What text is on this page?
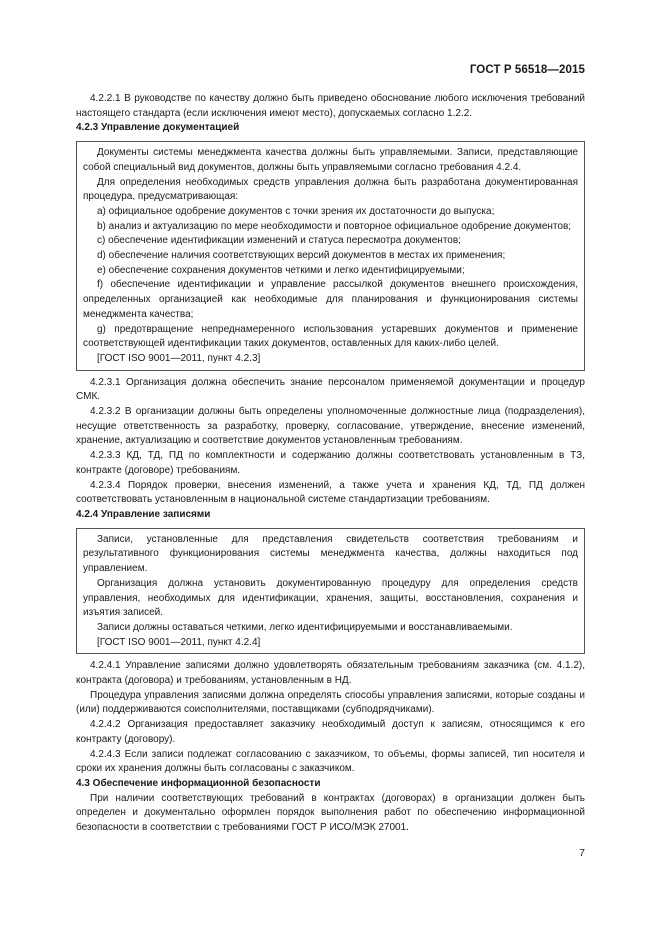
ГОСТ Р 56518—2015

4.2.2.1 В руководстве по качеству должно быть приведено обоснование любого исключения требований настоящего стандарта (если исключения имеют место), допускаемых согласно 1.2.2.

4.2.3 Управление документацией

Документы системы менеджмента качества должны быть управляемыми. Записи, представляющие собой специальный вид документов, должны быть управляемыми согласно требования 4.2.4.

Для определения необходимых средств управления должна быть разработана документированная процедура, предусматривающая:

a) официальное одобрение документов с точки зрения их достаточности до выпуска;

b) анализ и актуализацию по мере необходимости и повторное официальное одобрение документов;

c) обеспечение идентификации изменений и статуса пересмотра документов;

d) обеспечение наличия соответствующих версий документов в местах их применения;

e) обеспечение сохранения документов четкими и легко идентифицируемыми;

f) обеспечение идентификации и управление рассылкой документов внешнего происхождения, определенных организацией как необходимые для планирования и функционирования системы менеджмента качества;

g) предотвращение непреднамеренного использования устаревших документов и применение соответствующей идентификации таких документов, оставленных для каких-либо целей.

[ГОСТ ISO 9001—2011, пункт 4.2.3]

4.2.3.1 Организация должна обеспечить знание персоналом применяемой документации и процедур СМК.

4.2.3.2 В организации должны быть определены уполномоченные должностные лица (подразделения), несущие ответственность за разработку, проверку, согласование, утверждение, внесение изменений, хранение, актуализацию и соответствие документов установленным требованиям.

4.2.3.3 КД, ТД, ПД по комплектности и содержанию должны соответствовать установленным в ТЗ, контракте (договоре) требованиям.

4.2.3.4 Порядок проверки, внесения изменений, а также учета и хранения КД, ТД, ПД должен соответствовать установленным в национальной системе стандартизации требованиям.

4.2.4 Управление записями

Записи, установленные для представления свидетельств соответствия требованиям и результативного функционирования системы менеджмента качества, должны находиться под управлением.

Организация должна установить документированную процедуру для определения средств управления, необходимых для идентификации, хранения, защиты, восстановления, сохранения и изъятия записей.

Записи должны оставаться четкими, легко идентифицируемыми и восстанавливаемыми.

[ГОСТ ISO 9001—2011, пункт 4.2.4]

4.2.4.1 Управление записями должно удовлетворять обязательным требованиям заказчика (см. 4.1.2), контракта (договора) и требованиям, установленным в НД.

Процедура управления записями должна определять способы управления записями, которые созданы и (или) поддерживаются соисполнителями, поставщиками (субподрядчиками).

4.2.4.2 Организация предоставляет заказчику необходимый доступ к записям, относящимся к его контракту (договору).

4.2.4.3 Если записи подлежат согласованию с заказчиком, то объемы, формы записей, тип носителя и сроки их хранения должны быть согласованы с заказчиком.

4.3 Обеспечение информационной безопасности

При наличии соответствующих требований в контрактах (договорах) в организации должен быть определен и документально оформлен порядок выполнения работ по обеспечению информационной безопасности в соответствии с требованиями ГОСТ Р ИСО/МЭК 27001.

7
